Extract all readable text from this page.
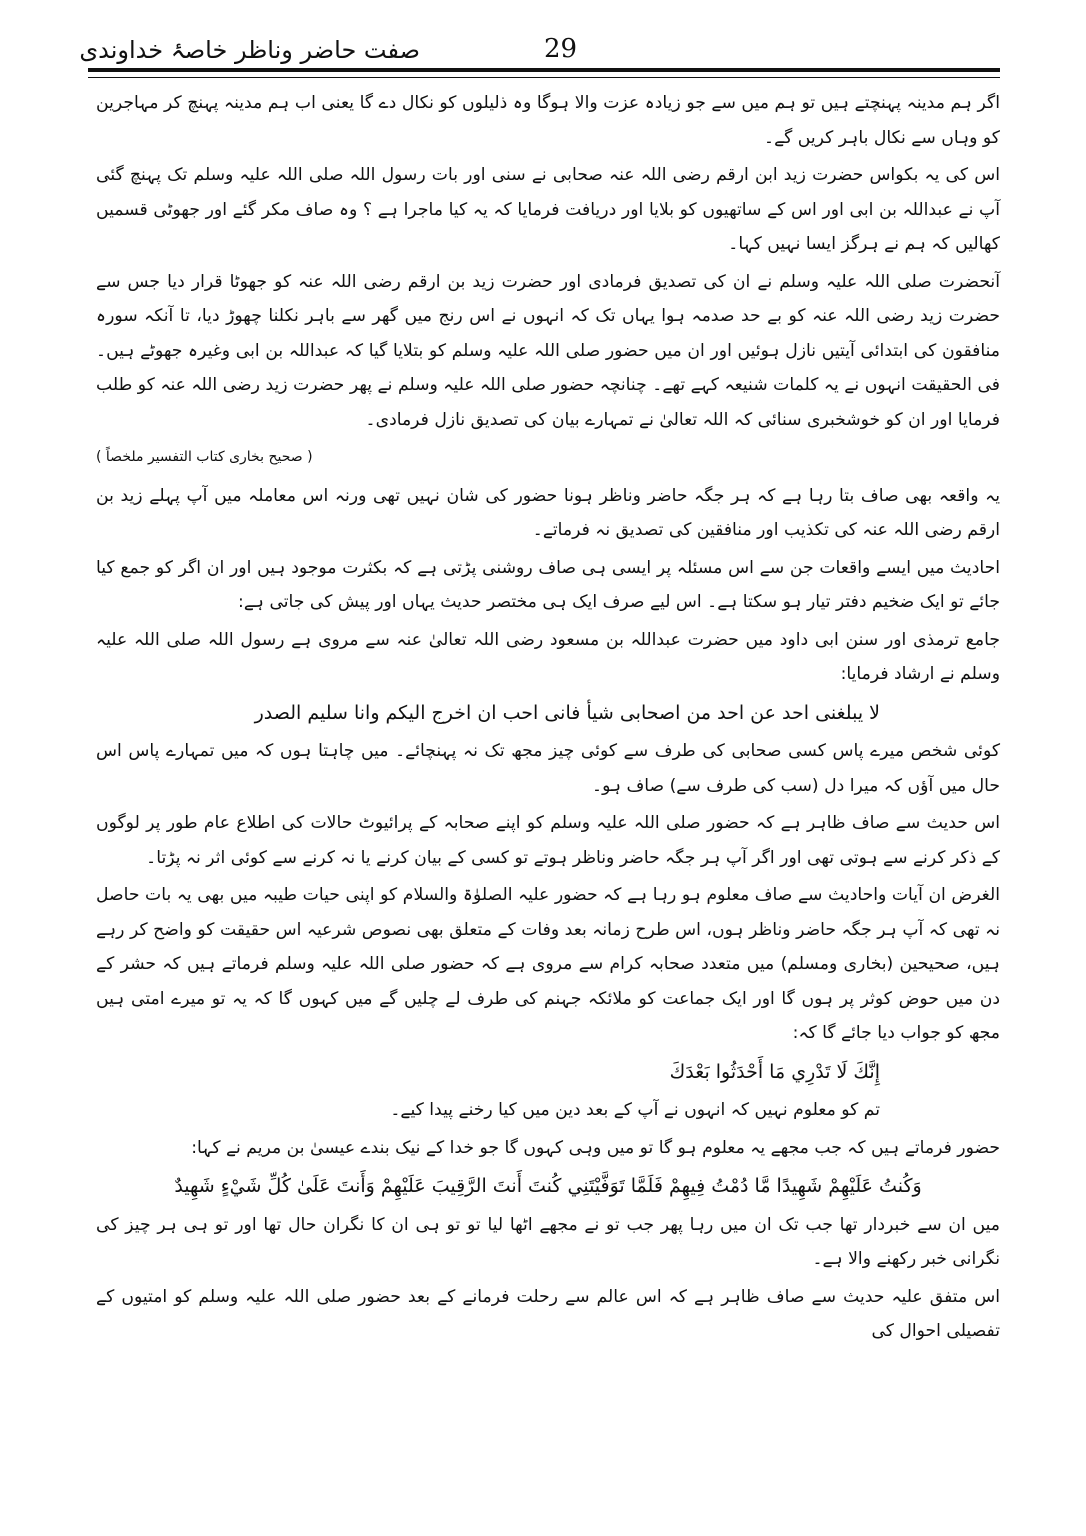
صفت حاضر وناظر خاصۂ خداوندی	29

اگر ہم مدینہ پہنچتے ہیں تو ہم میں سے جو زیادہ عزت والا ہوگا وہ ذلیلوں کو نکال دے گا یعنی اب ہم مدینہ پہنچ کر مہاجرین کو وہاں سے نکال باہر کریں گے۔

اس کی یہ بکواس حضرت زید ابن ارقم رضی اللہ عنہ صحابی نے سنی اور بات رسول اللہ صلی اللہ علیہ وسلم تک پہنچ گئی آپ نے عبداللہ بن ابی اور اس کے ساتھیوں کو بلایا اور دریافت فرمایا کہ یہ کیا ماجرا ہے ؟ وہ صاف مکر گئے اور جھوٹی قسمیں کھالیں کہ ہم نے ہرگز ایسا نہیں کہا۔

آنحضرت صلی اللہ علیہ وسلم نے ان کی تصدیق فرمادی اور حضرت زید بن ارقم رضی اللہ عنہ کو جھوٹا قرار دیا جس سے حضرت زید رضی اللہ عنہ کو بے حد صدمہ ہوا یہاں تک کہ انہوں نے اس رنج میں گھر سے باہر نکلنا چھوڑ دیا، تا آنکہ سورہ منافقون کی ابتدائی آیتیں نازل ہوئیں اور ان میں حضور صلی اللہ علیہ وسلم کو بتلایا گیا کہ عبداللہ بن ابی وغیرہ جھوٹے ہیں۔ فی الحقیقت انہوں نے یہ کلمات شنیعہ کہے تھے۔ چنانچہ حضور صلی اللہ علیہ وسلم نے پھر حضرت زید رضی اللہ عنہ کو طلب فرمایا اور ان کو خوشخبری سنائی کہ اللہ تعالیٰ نے تمہارے بیان کی تصدیق نازل فرمادی۔

( صحیح بخاری کتاب التفسیر ملخصاً )

یہ واقعہ بھی صاف بتا رہا ہے کہ ہر جگہ حاضر وناظر ہونا حضور کی شان نہیں تھی ورنہ اس معاملہ میں آپ پہلے زید بن ارقم رضی اللہ عنہ کی تکذیب اور منافقین کی تصدیق نہ فرماتے۔

احادیث میں ایسے واقعات جن سے اس مسئلہ پر ایسی ہی صاف روشنی پڑتی ہے کہ بکثرت موجود ہیں اور ان اگر کو جمع کیا جائے تو ایک ضخیم دفتر تیار ہو سکتا ہے۔ اس لیے صرف ایک ہی مختصر حدیث یہاں اور پیش کی جاتی ہے:

جامع ترمذی اور سنن ابی داود میں حضرت عبداللہ بن مسعود رضی اللہ تعالیٰ عنہ سے مروی ہے رسول اللہ صلی اللہ علیہ وسلم نے ارشاد فرمایا:

لا یبلغنی احد عن احد من اصحابی شیأ فانی احب ان اخرج الیکم وانا سلیم الصدر

کوئی شخص میرے پاس کسی صحابی کی طرف سے کوئی چیز مجھ تک نہ پہنچائے۔ میں چاہتا ہوں کہ میں تمہارے پاس اس حال میں آؤں کہ میرا دل (سب کی طرف سے) صاف ہو۔

اس حدیث سے صاف ظاہر ہے کہ حضور صلی اللہ علیہ وسلم کو اپنے صحابہ کے پرائیوٹ حالات کی اطلاع عام طور پر لوگوں کے ذکر کرنے سے ہوتی تھی اور اگر آپ ہر جگہ حاضر وناظر ہوتے تو کسی کے بیان کرنے یا نہ کرنے سے کوئی اثر نہ پڑتا۔

الغرض ان آیات واحادیث سے صاف معلوم ہو رہا ہے کہ حضور علیہ الصلوٰۃ والسلام کو اپنی حیات طیبہ میں بھی یہ بات حاصل نہ تھی کہ آپ ہر جگہ حاضر وناظر ہوں، اس طرح زمانہ بعد وفات کے متعلق بھی نصوص شرعیہ اس حقیقت کو واضح کر رہے ہیں، صحیحین (بخاری ومسلم) میں متعدد صحابہ کرام سے مروی ہے کہ حضور صلی اللہ علیہ وسلم فرماتے ہیں کہ حشر کے دن میں حوض کوثر پر ہوں گا اور ایک جماعت کو ملائکہ جہنم کی طرف لے چلیں گے میں کہوں گا کہ یہ تو میرے امتی ہیں مجھ کو جواب دیا جائے گا کہ:

إِنَّكَ لَا تَدْرِي مَا أَحْدَثُوا بَعْدَكَ

تم کو معلوم نہیں کہ انہوں نے آپ کے بعد دین میں کیا رخنے پیدا کیے۔

حضور فرماتے ہیں کہ جب مجھے یہ معلوم ہو گا تو میں وہی کہوں گا جو خدا کے نیک بندے عیسیٰ بن مریم نے کہا:

وَكُنتُ عَلَيْهِمْ شَهِيدًا مَّا دُمْتُ فِيهِمْ فَلَمَّا تَوَفَّيْتَنِي كُنتَ أَنتَ الرَّقِيبَ عَلَيْهِمْ وَأَنتَ عَلَىٰ كُلِّ شَيْءٍ شَهِيدٌ

میں ان سے خبردار تھا جب تک ان میں رہا پھر جب تو نے مجھے اٹھا لیا تو تو ہی ان کا نگران حال تھا اور تو ہی ہر چیز کی نگرانی خبر رکھنے والا ہے۔

اس متفق علیہ حدیث سے صاف ظاہر ہے کہ اس عالم سے رحلت فرمانے کے بعد حضور صلی اللہ علیہ وسلم کو امتیوں کے تفصیلی احوال کی
